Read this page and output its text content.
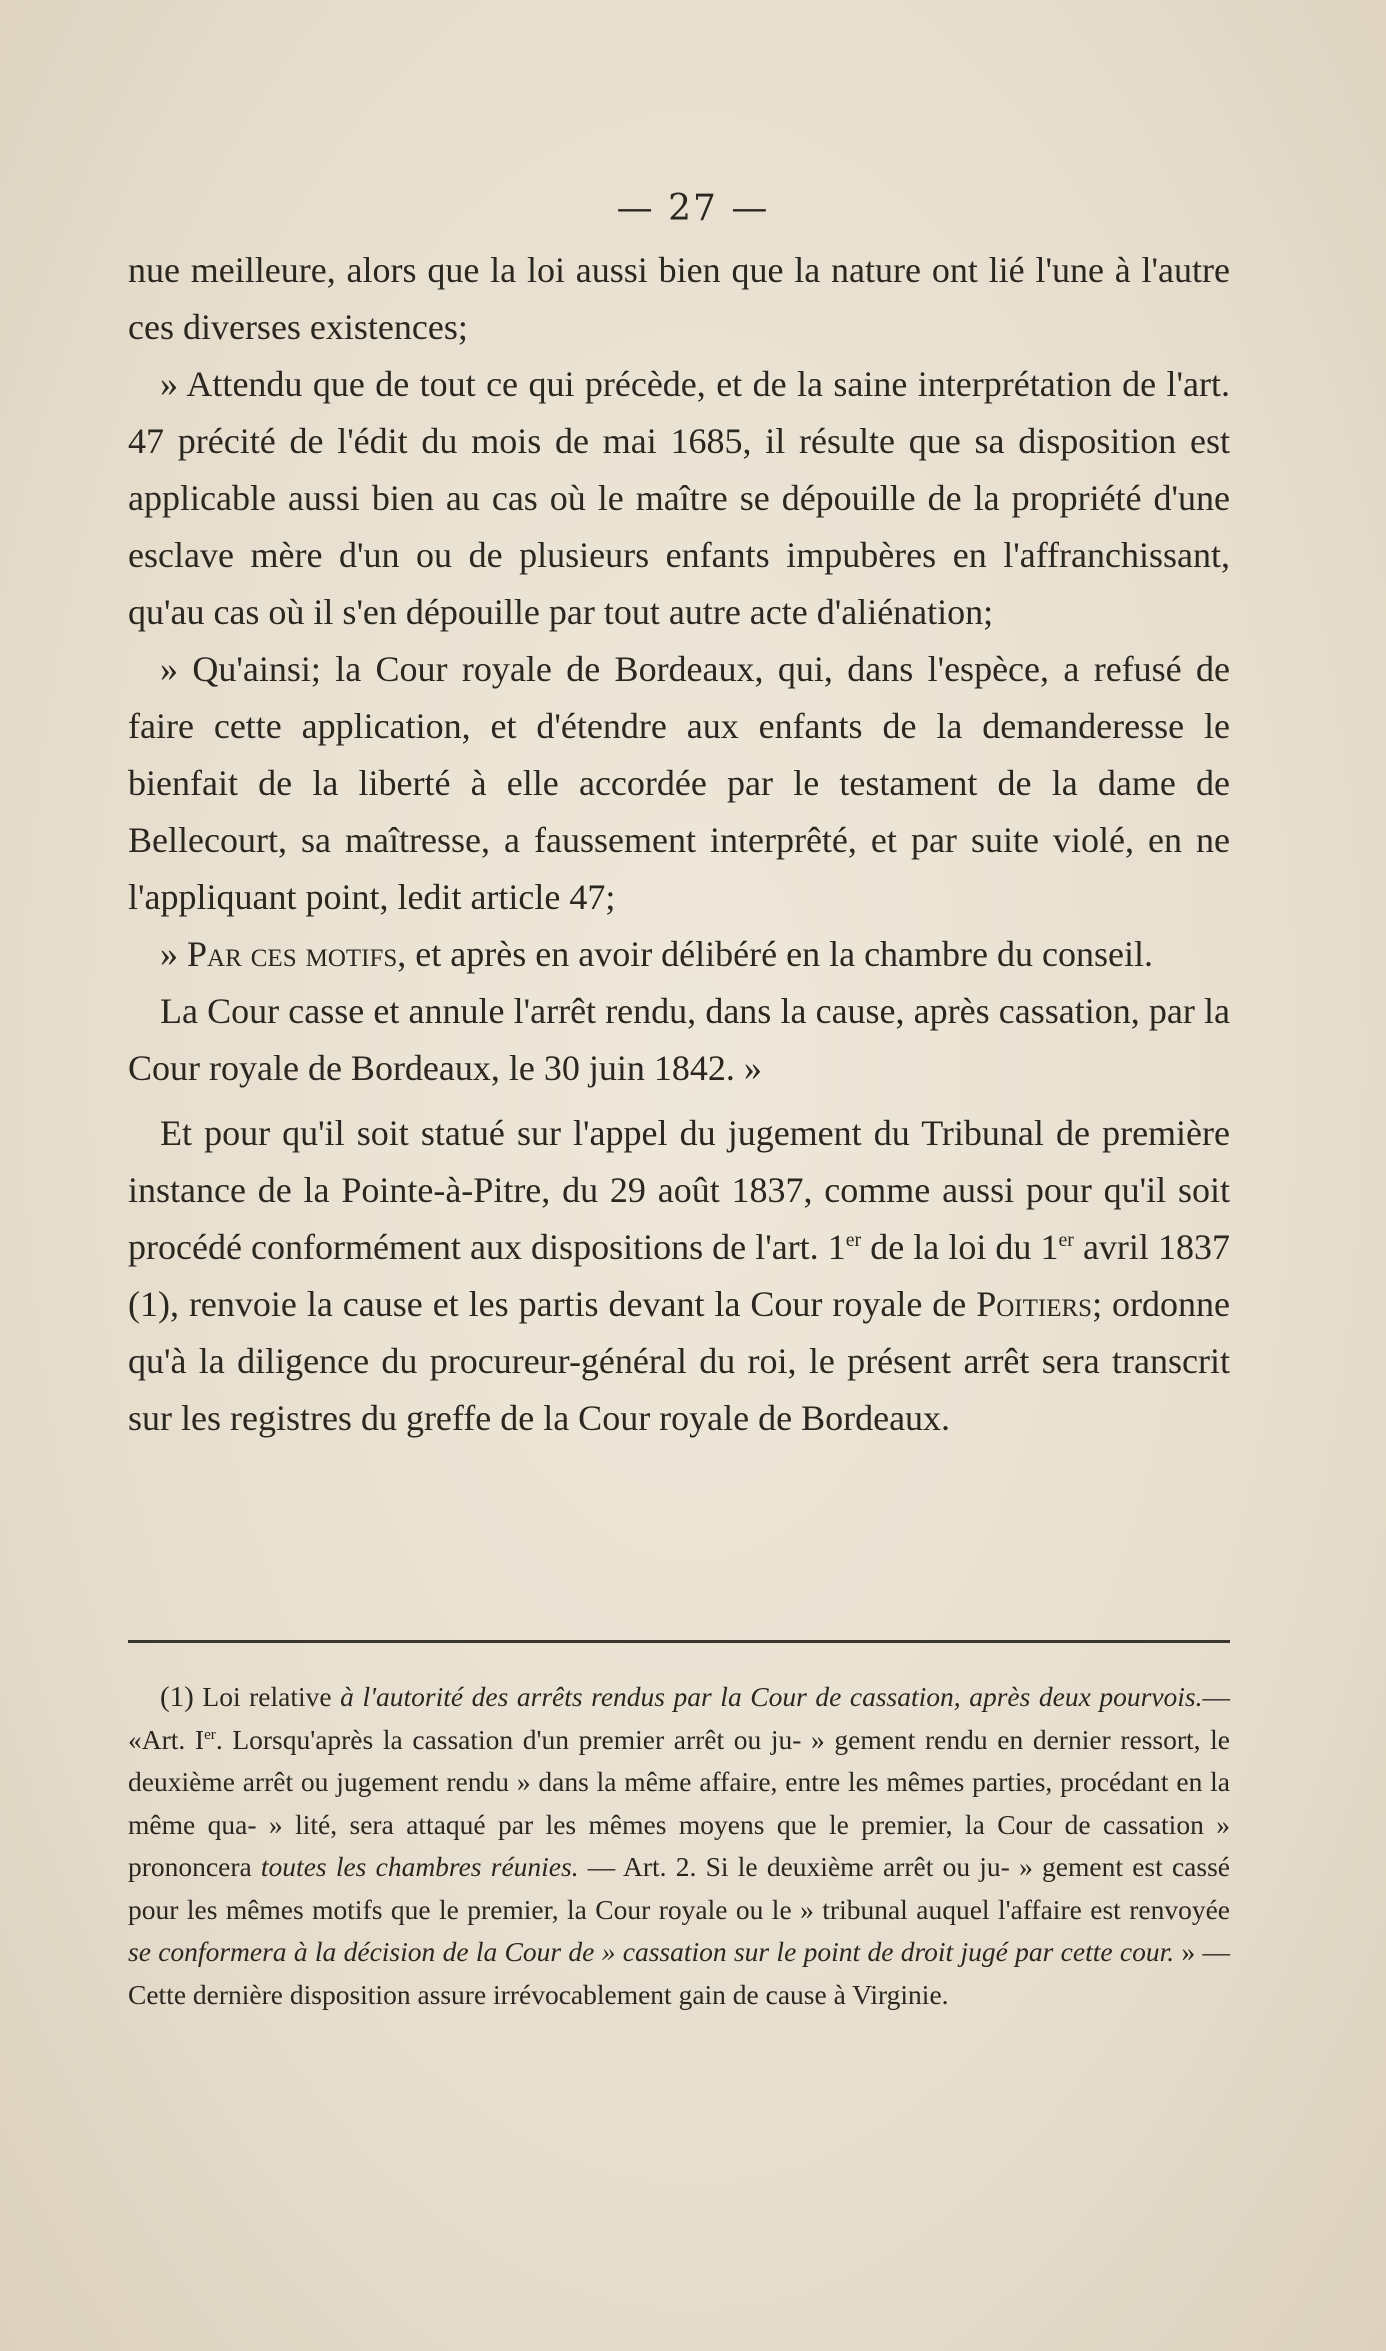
— 27 —

nue meilleure, alors que la loi aussi bien que la nature ont lié l'une à l'autre ces diverses existences;

» Attendu que de tout ce qui précède, et de la saine interprétation de l'art. 47 précité de l'édit du mois de mai 1685, il résulte que sa disposition est applicable aussi bien au cas où le maître se dépouille de la propriété d'une esclave mère d'un ou de plusieurs enfants impubères en l'affranchissant, qu'au cas où il s'en dépouille par tout autre acte d'aliénation;

» Qu'ainsi; la Cour royale de Bordeaux, qui, dans l'espèce, a refusé de faire cette application, et d'étendre aux enfants de la demanderesse le bienfait de la liberté à elle accordée par le testament de la dame de Bellecourt, sa maîtresse, a faussement interprêté, et par suite violé, en ne l'appliquant point, ledit article 47;

» Par ces motifs, et après en avoir délibéré en la chambre du conseil.

La Cour casse et annule l'arrêt rendu, dans la cause, après cassation, par la Cour royale de Bordeaux, le 30 juin 1842. »

Et pour qu'il soit statué sur l'appel du jugement du Tribunal de première instance de la Pointe-à-Pitre, du 29 août 1837, comme aussi pour qu'il soit procédé conformément aux dispositions de l'art. 1er de la loi du 1er avril 1837 (1), renvoie la cause et les partis devant la Cour royale de Poitiers; ordonne qu'à la diligence du procureur-général du roi, le présent arrêt sera transcrit sur les registres du greffe de la Cour royale de Bordeaux.

(1) Loi relative à l'autorité des arrêts rendus par la Cour de cassation, après deux pourvois.— «Art. Ier. Lorsqu'après la cassation d'un premier arrêt ou ju- » gement rendu en dernier ressort, le deuxième arrêt ou jugement rendu » dans la même affaire, entre les mêmes parties, procédant en la même qua- » lité, sera attaqué par les mêmes moyens que le premier, la Cour de cassation » prononcera toutes les chambres réunies. — Art. 2. Si le deuxième arrêt ou ju- » gement est cassé pour les mêmes motifs que le premier, la Cour royale ou le » tribunal auquel l'affaire est renvoyée se conformera à la décision de la Cour de » cassation sur le point de droit jugé par cette cour. » — Cette dernière disposition assure irrévocablement gain de cause à Virginie.
